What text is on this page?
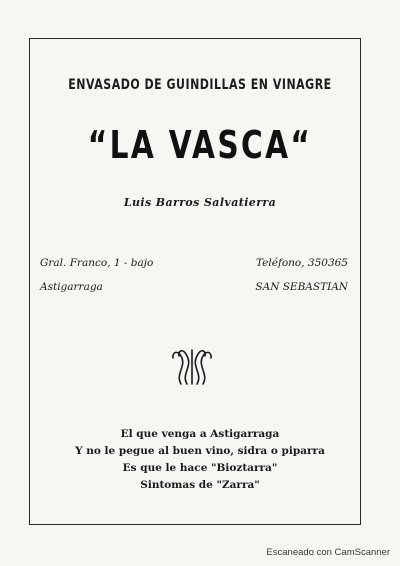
ENVASADO DE GUINDILLAS EN VINAGRE
“LA VASCA“
Luis Barros Salvatierra
Gral. Franco, 1 - bajo
Astigarraga
Teléfono, 350365
SAN SEBASTIAN
El que venga a Astigarraga
Y no le pegue al buen vino, sidra o piparra
Es que le hace "Bioztarra"
Sintomas de "Zarra"
Escaneado con CamScanner
